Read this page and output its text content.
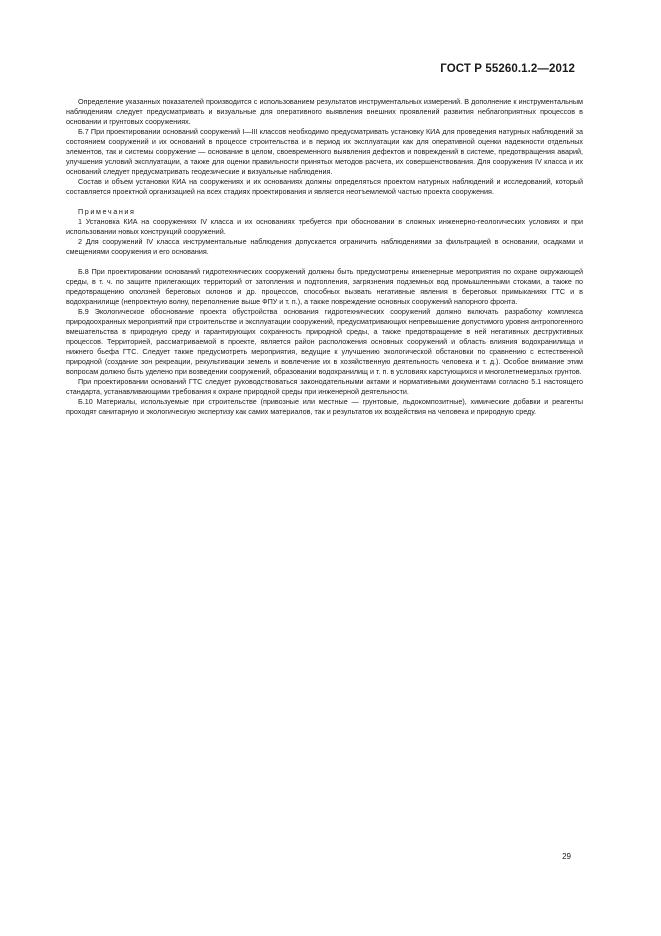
ГОСТ Р 55260.1.2—2012

Определение указанных показателей производится с использованием результатов инструментальных измерений. В дополнение к инструментальным наблюдениям следует предусматривать и визуальные для оперативного выявления внешних проявлений развития неблагоприятных процессов в основании и грунтовых сооружениях.

Б.7 При проектировании оснований сооружений I—III классов необходимо предусматривать установку КИА для проведения натурных наблюдений за состоянием сооружений и их оснований в процессе строительства и в период их эксплуатации как для оперативной оценки надежности отдельных элементов, так и системы сооружение — основание в целом, своевременного выявления дефектов и повреждений в системе, предотвращения аварий, улучшения условий эксплуатации, а также для оценки правильности принятых методов расчета, их совершенствования. Для сооружения IV класса и их оснований следует предусматривать геодезические и визуальные наблюдения.

Состав и объем установки КИА на сооружениях и их основаниях должны определяться проектом натурных наблюдений и исследований, который составляется проектной организацией на всех стадиях проектирования и является неотъемлемой частью проекта сооружения.

Примечания

1 Установка КИА на сооружениях IV класса и их основаниях требуется при обосновании в сложных инженерно-геологических условиях и при использовании новых конструкций сооружений.

2 Для сооружений IV класса инструментальные наблюдения допускается ограничить наблюдениями за фильтрацией в основании, осадками и смещениями сооружения и его основания.

Б.8 При проектировании оснований гидротехнических сооружений должны быть предусмотрены инженерные мероприятия по охране окружающей среды, в т. ч. по защите прилегающих территорий от затопления и подтопления, загрязнения подземных вод промышленными стоками, а также по предотвращению оползней береговых склонов и др. процессов, способных вызвать негативные явления в береговых примыканиях ГТС и в водохранилище (непроектную волну, переполнение выше ФПУ и т. п.), а также повреждение основных сооружений напорного фронта.

Б.9 Экологическое обоснование проекта обустройства основания гидротехнических сооружений должно включать разработку комплекса природоохранных мероприятий при строительстве и эксплуатации сооружений, предусматривающих непревышение допустимого уровня антропогенного вмешательства в природную среду и гарантирующих сохранность природной среды, а также предотвращение в ней негативных деструктивных процессов. Территорией, рассматриваемой в проекте, является район расположения основных сооружений и область влияния водохранилища и нижнего бьефа ГТС. Следует также предусмотреть мероприятия, ведущие к улучшению экологической обстановки по сравнению с естественной природной (создание зон рекреации, рекультивации земель и вовлечение их в хозяйственную деятельность человека и т. д.). Особое внимание этим вопросам должно быть уделено при возведении сооружений, образовании водохранилищ и т. п. в условиях карстующихся и многолетнемерзлых грунтов.

При проектировании оснований ГТС следует руководствоваться законодательными актами и нормативными документами согласно 5.1 настоящего стандарта, устанавливающими требования к охране природной среды при инженерной деятельности.

Б.10 Материалы, используемые при строительстве (привозные или местные — грунтовые, льдокомпозитные), химические добавки и реагенты проходят санитарную и экологическую экспертизу как самих материалов, так и результатов их воздействия на человека и природную среду.

29
